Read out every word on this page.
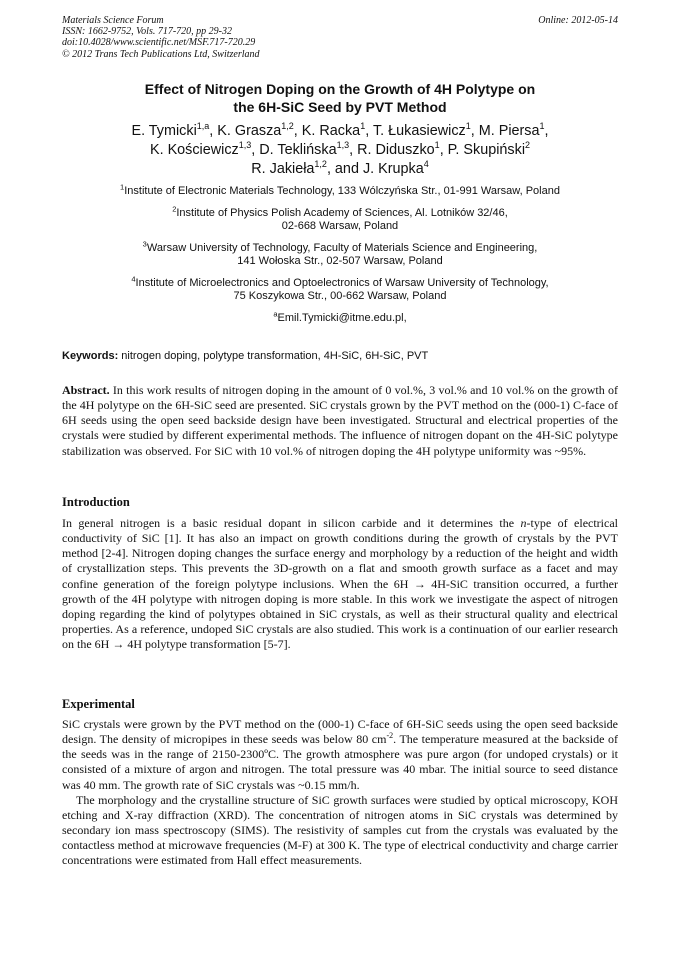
Materials Science Forum
ISSN: 1662-9752, Vols. 717-720, pp 29-32
doi:10.4028/www.scientific.net/MSF.717-720.29
© 2012 Trans Tech Publications Ltd, Switzerland
Online: 2012-05-14
Effect of Nitrogen Doping on the Growth of 4H Polytype on
the 6H-SiC Seed by PVT Method
E. Tymicki$^{1,a}$, K. Grasza$^{1,2}$, K. Racka$^1$, T. Łukasiewicz$^1$, M. Piersa$^1$,
K. Kościewicz$^{1,3}$, D. Teklińska$^{1,3}$, R. Diduszko$^1$, P. Skupiński$^2$
R. Jakieła$^{1,2}$, and J. Krupka$^4$
$^1$Institute of Electronic Materials Technology, 133 Wólczyńska Str., 01-991 Warsaw, Poland
$^2$Institute of Physics Polish Academy of Sciences, Al. Lotników 32/46,
02-668 Warsaw, Poland
$^3$Warsaw University of Technology, Faculty of Materials Science and Engineering,
141 Wołoska Str., 02-507 Warsaw, Poland
$^4$Institute of Microelectronics and Optoelectronics of Warsaw University of Technology,
75 Koszykowa Str., 00-662 Warsaw, Poland
$^a$Emil.Tymicki@itme.edu.pl,
Keywords: nitrogen doping, polytype transformation, 4H-SiC, 6H-SiC, PVT

Abstract. In this work results of nitrogen doping in the amount of 0 vol.%, 3 vol.% and 10 vol.% on the growth of the 4H polytype on the 6H-SiC seed are presented. SiC crystals grown by the PVT method on the (000-1) C-face of 6H seeds using the open seed backside design have been investigated. Structural and electrical properties of the crystals were studied by different experimental methods. The influence of nitrogen dopant on the 4H-SiC polytype stabilization was observed. For SiC with 10 vol.% of nitrogen doping the 4H polytype uniformity was ~95%.

Introduction

In general nitrogen is a basic residual dopant in silicon carbide and it determines the n-type of electrical conductivity of SiC [1]. It has also an impact on growth conditions during the growth of crystals by the PVT method [2-4]. Nitrogen doping changes the surface energy and morphology by a reduction of the height and width of crystallization steps. This prevents the 3D-growth on a flat and smooth growth surface as a facet and may confine generation of the foreign polytype inclusions. When the 6H → 4H-SiC transition occurred, a further growth of the 4H polytype with nitrogen doping is more stable. In this work we investigate the aspect of nitrogen doping regarding the kind of polytypes obtained in SiC crystals, as well as their structural quality and electrical properties. As a reference, undoped SiC crystals are also studied. This work is a continuation of our earlier research on the 6H → 4H polytype transformation [5-7].

Experimental

SiC crystals were grown by the PVT method on the (000-1) C-face of 6H-SiC seeds using the open seed backside design. The density of micropipes in these seeds was below 80 $cm^{-2}$. The temperature measured at the backside of the seeds was in the range of 2150-2300ºC. The growth atmosphere was pure argon (for undoped crystals) or it consisted of a mixture of argon and nitrogen. The total pressure was 40 mbar. The initial source to seed distance was 40 mm. The growth rate of SiC crystals was ~0.15 mm/h.

The morphology and the crystalline structure of SiC growth surfaces were studied by optical microscopy, KOH etching and X-ray diffraction (XRD). The concentration of nitrogen atoms in SiC crystals was determined by secondary ion mass spectroscopy (SIMS). The resistivity of samples cut from the crystals was evaluated by the contactless method at microwave frequencies (M-F) at 300 K. The type of electrical conductivity and charge carrier concentrations were estimated from Hall effect measurements.
